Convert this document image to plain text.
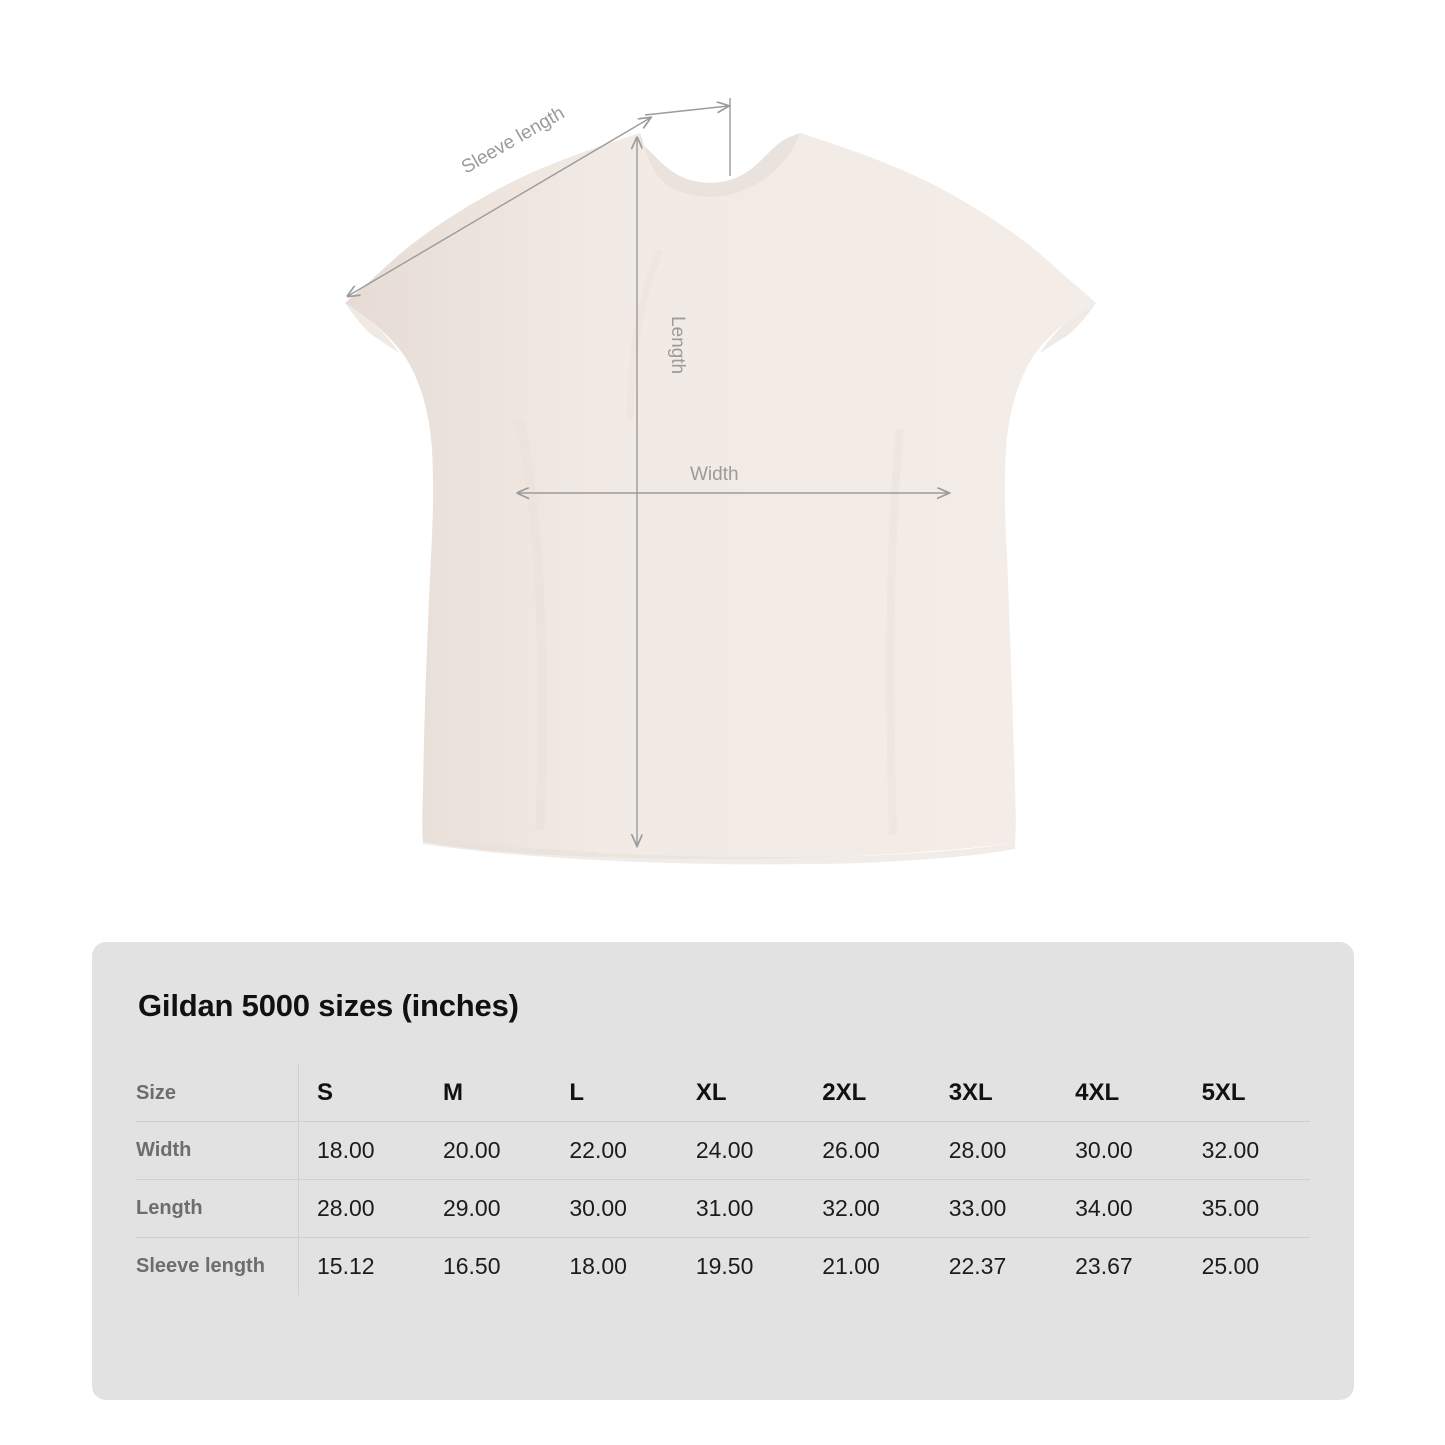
Sleeve length
Length
Width
Gildan 5000 sizes (inches)
Size	S	M	L	XL	2XL	3XL	4XL	5XL
Width	18.00	20.00	22.00	24.00	26.00	28.00	30.00	32.00
Length	28.00	29.00	30.00	31.00	32.00	33.00	34.00	35.00
Sleeve length	15.12	16.50	18.00	19.50	21.00	22.37	23.67	25.00
